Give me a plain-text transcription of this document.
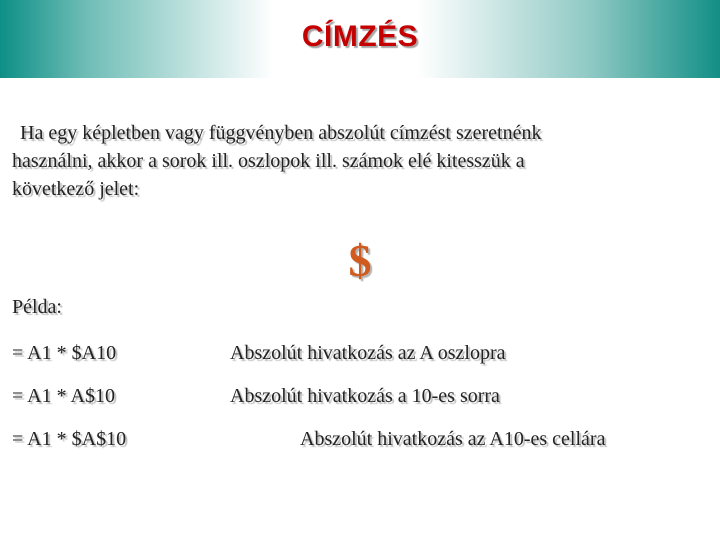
CÍMZÉS
Ha egy képletben vagy függvényben abszolút címzést szeretnénk
használni, akkor a sorok ill. oszlopok ill. számok elé kitesszük a
következő jelet:
$
Példa:
= A1 * $A10	Abszolút hivatkozás az A oszlopra
= A1 * A$10	Abszolút hivatkozás a 10-es sorra
= A1 * $A$10	Abszolút hivatkozás az A10-es cellára
